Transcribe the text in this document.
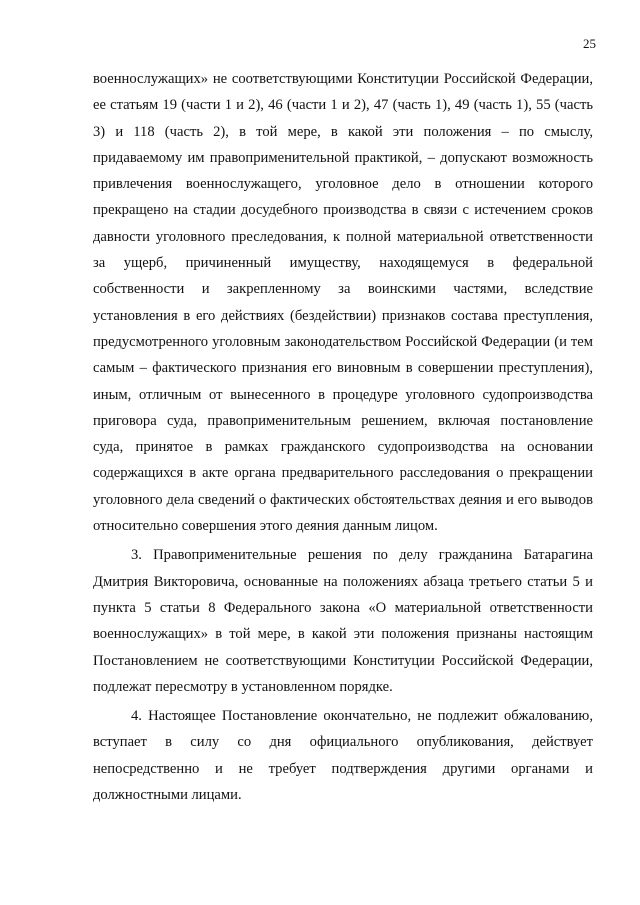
25

военнослужащих» не соответствующими Конституции Российской Федерации, ее статьям 19 (части 1 и 2), 46 (части 1 и 2), 47 (часть 1), 49 (часть 1), 55 (часть 3) и 118 (часть 2), в той мере, в какой эти положения – по смыслу, придаваемому им правоприменительной практикой, – допускают возможность привлечения военнослужащего, уголовное дело в отношении которого прекращено на стадии досудебного производства в связи с истечением сроков давности уголовного преследования, к полной материальной ответственности за ущерб, причиненный имуществу, находящемуся в федеральной собственности и закрепленному за воинскими частями, вследствие установления в его действиях (бездействии) признаков состава преступления, предусмотренного уголовным законодательством Российской Федерации (и тем самым – фактического признания его виновным в совершении преступления), иным, отличным от вынесенного в процедуре уголовного судопроизводства приговора суда, правоприменительным решением, включая постановление суда, принятое в рамках гражданского судопроизводства на основании содержащихся в акте органа предварительного расследования о прекращении уголовного дела сведений о фактических обстоятельствах деяния и его выводов относительно совершения этого деяния данным лицом.

3. Правоприменительные решения по делу гражданина Батарагина Дмитрия Викторовича, основанные на положениях абзаца третьего статьи 5 и пункта 5 статьи 8 Федерального закона «О материальной ответственности военнослужащих» в той мере, в какой эти положения признаны настоящим Постановлением не соответствующими Конституции Российской Федерации, подлежат пересмотру в установленном порядке.

4. Настоящее Постановление окончательно, не подлежит обжалованию, вступает в силу со дня официального опубликования, действует непосредственно и не требует подтверждения другими органами и должностными лицами.
